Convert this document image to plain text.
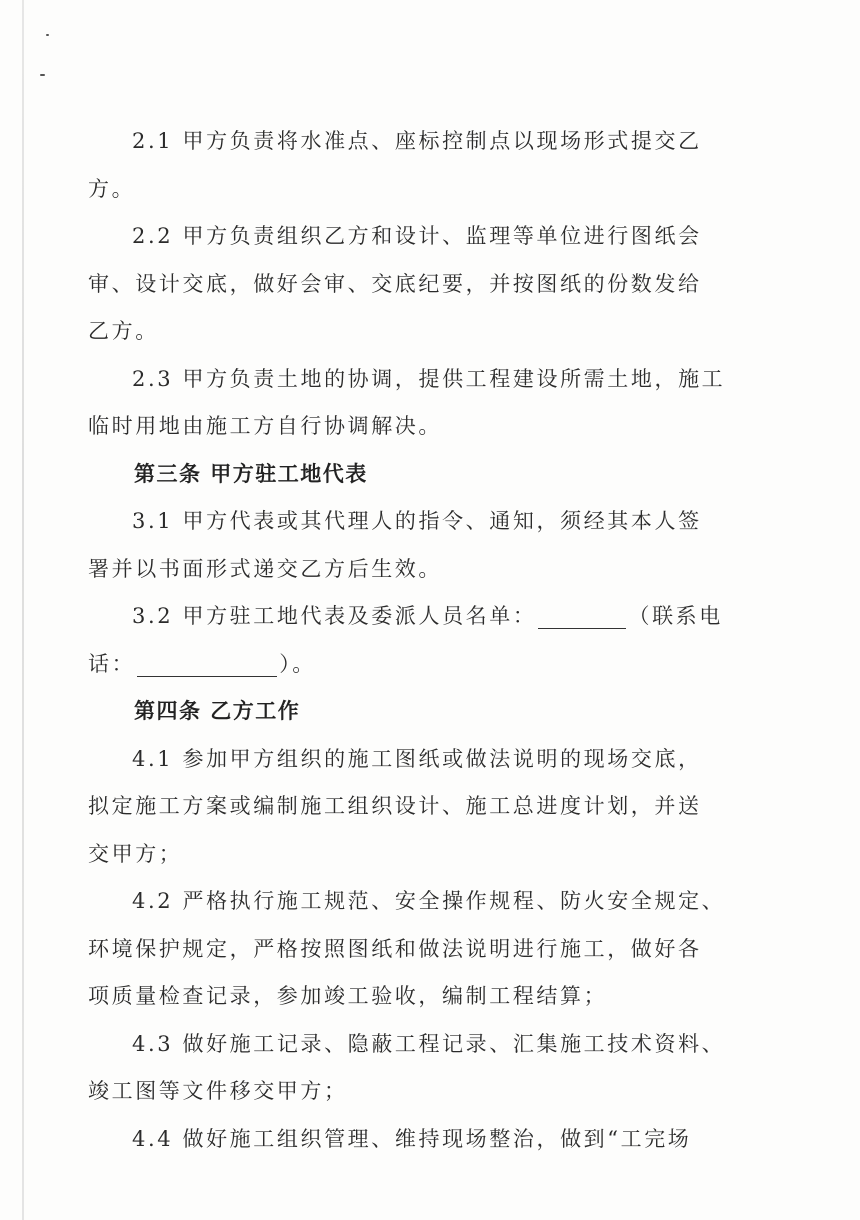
2.1 甲方负责将水准点、座标控制点以现场形式提交乙
方。
2.2 甲方负责组织乙方和设计、监理等单位进行图纸会
审、设计交底，做好会审、交底纪要，并按图纸的份数发给
乙方。
2.3 甲方负责土地的协调，提供工程建设所需土地，施工
临时用地由施工方自行协调解决。
第三条 甲方驻工地代表
3.1 甲方代表或其代理人的指令、通知，须经其本人签
署并以书面形式递交乙方后生效。
3.2 甲方驻工地代表及委派人员名单：	（联系电
话：	）。
第四条 乙方工作
4.1 参加甲方组织的施工图纸或做法说明的现场交底，
拟定施工方案或编制施工组织设计、施工总进度计划，并送
交甲方；
4.2 严格执行施工规范、安全操作规程、防火安全规定、
环境保护规定，严格按照图纸和做法说明进行施工，做好各
项质量检查记录，参加竣工验收，编制工程结算；
4.3 做好施工记录、隐蔽工程记录、汇集施工技术资料、
竣工图等文件移交甲方；
4.4 做好施工组织管理、维持现场整治，做到“工完场
